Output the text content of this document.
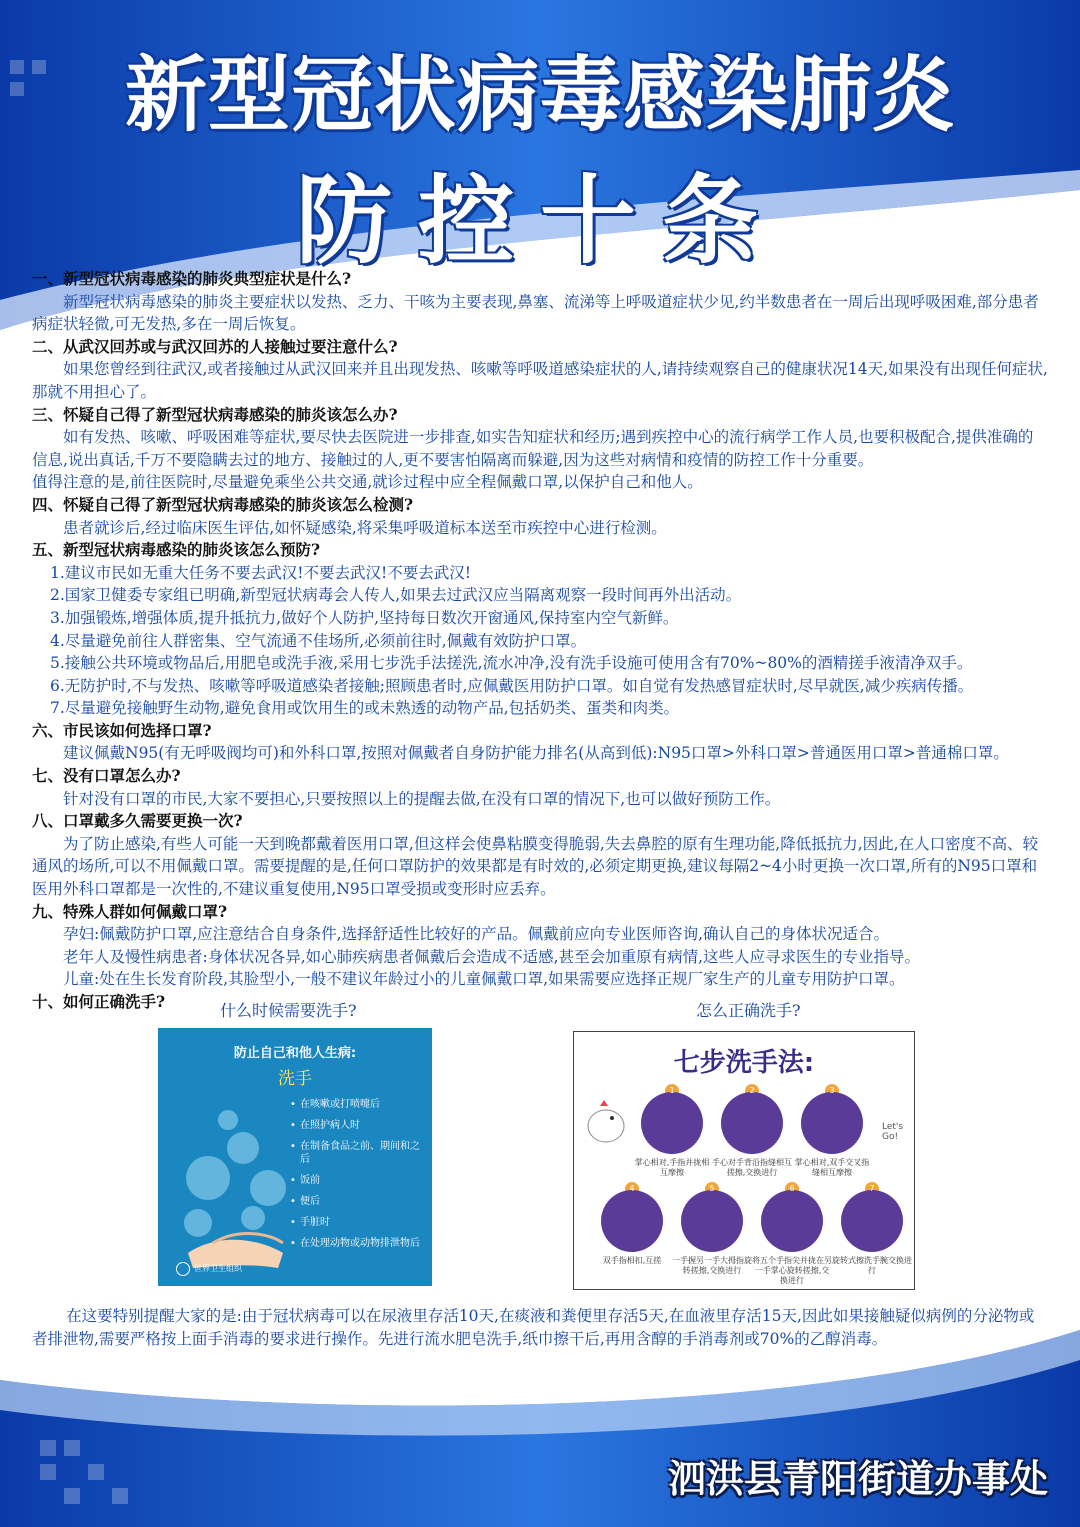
新型冠状病毒感染肺炎
防控十条

一、新型冠状病毒感染的肺炎典型症状是什么?

新型冠状病毒感染的肺炎主要症状以发热、乏力、干咳为主要表现,鼻塞、流涕等上呼吸道症状少见,约半数患者在一周后出现呼吸困难,部分患者病症状轻微,可无发热,多在一周后恢复。

二、从武汉回苏或与武汉回苏的人接触过要注意什么?

如果您曾经到往武汉,或者接触过从武汉回来并且出现发热、咳嗽等呼吸道感染症状的人,请持续观察自己的健康状况14天,如果没有出现任何症状,那就不用担心了。

三、怀疑自己得了新型冠状病毒感染的肺炎该怎么办?

如有发热、咳嗽、呼吸困难等症状,要尽快去医院进一步排查,如实告知症状和经历;遇到疾控中心的流行病学工作人员,也要积极配合,提供准确的信息,说出真话,千万不要隐瞒去过的地方、接触过的人,更不要害怕隔离而躲避,因为这些对病情和疫情的防控工作十分重要。

值得注意的是,前往医院时,尽量避免乘坐公共交通,就诊过程中应全程佩戴口罩,以保护自己和他人。

四、怀疑自己得了新型冠状病毒感染的肺炎该怎么检测?

患者就诊后,经过临床医生评估,如怀疑感染,将采集呼吸道标本送至市疾控中心进行检测。

五、新型冠状病毒感染的肺炎该怎么预防?

1.建议市民如无重大任务不要去武汉!不要去武汉!不要去武汉!

2.国家卫健委专家组已明确,新型冠状病毒会人传人,如果去过武汉应当隔离观察一段时间再外出活动。

3.加强锻炼,增强体质,提升抵抗力,做好个人防护,坚持每日数次开窗通风,保持室内空气新鲜。

4.尽量避免前往人群密集、空气流通不佳场所,必须前往时,佩戴有效防护口罩。

5.接触公共环境或物品后,用肥皂或洗手液,采用七步洗手法搓洗,流水冲净,没有洗手设施可使用含有70%~80%的酒精搓手液清净双手。

6.无防护时,不与发热、咳嗽等呼吸道感染者接触;照顾患者时,应佩戴医用防护口罩。如自觉有发热感冒症状时,尽早就医,减少疾病传播。

7.尽量避免接触野生动物,避免食用或饮用生的或未熟透的动物产品,包括奶类、蛋类和肉类。

六、市民该如何选择口罩?

建议佩戴N95(有无呼吸阀均可)和外科口罩,按照对佩戴者自身防护能力排名(从高到低):N95口罩>外科口罩>普通医用口罩>普通棉口罩。

七、没有口罩怎么办?

针对没有口罩的市民,大家不要担心,只要按照以上的提醒去做,在没有口罩的情况下,也可以做好预防工作。

八、口罩戴多久需要更换一次?

为了防止感染,有些人可能一天到晚都戴着医用口罩,但这样会使鼻粘膜变得脆弱,失去鼻腔的原有生理功能,降低抵抗力,因此,在人口密度不高、较通风的场所,可以不用佩戴口罩。需要提醒的是,任何口罩防护的效果都是有时效的,必须定期更换,建议每隔2~4小时更换一次口罩,所有的N95口罩和医用外科口罩都是一次性的,不建议重复使用,N95口罩受损或变形时应丢弃。

九、特殊人群如何佩戴口罩?

孕妇:佩戴防护口罩,应注意结合自身条件,选择舒适性比较好的产品。佩戴前应向专业医师咨询,确认自己的身体状况适合。

老年人及慢性病患者:身体状况各异,如心肺疾病患者佩戴后会造成不适感,甚至会加重原有病情,这些人应寻求医生的专业指导。

儿童:处在生长发育阶段,其脸型小,一般不建议年龄过小的儿童佩戴口罩,如果需要应选择正规厂家生产的儿童专用防护口罩。

十、如何正确洗手?	什么时候需要洗手?	怎么正确洗手?
防止自己和他人生病:
洗手
• 在咳嗽或打喷嚏后
• 在照护病人时
• 在制备食品之前、期间和之后
• 饭前
• 便后
• 手脏时
• 在处理动物或动物排泄物后
世界卫生组织
七步洗手法:
Let's Go!
1
掌心相对,手指并拢相互摩擦
2
手心对手背沿指缝相互搓擦,交换进行
3
掌心相对,双手交叉指缝相互摩擦
4
双手指相扣,互搓
5
一手握另一手大拇指旋转搓擦,交换进行
6
将五个手指尖并拢在另一手掌心旋转搓擦,交换进行
7
旋转式擦洗手腕交换进行

在这要特别提醒大家的是:由于冠状病毒可以在尿液里存活10天,在痰液和粪便里存活5天,在血液里存活15天,因此如果接触疑似病例的分泌物或者排泄物,需要严格按上面手消毒的要求进行操作。先进行流水肥皂洗手,纸巾擦干后,再用含醇的手消毒剂或70%的乙醇消毒。

泗洪县青阳街道办事处
